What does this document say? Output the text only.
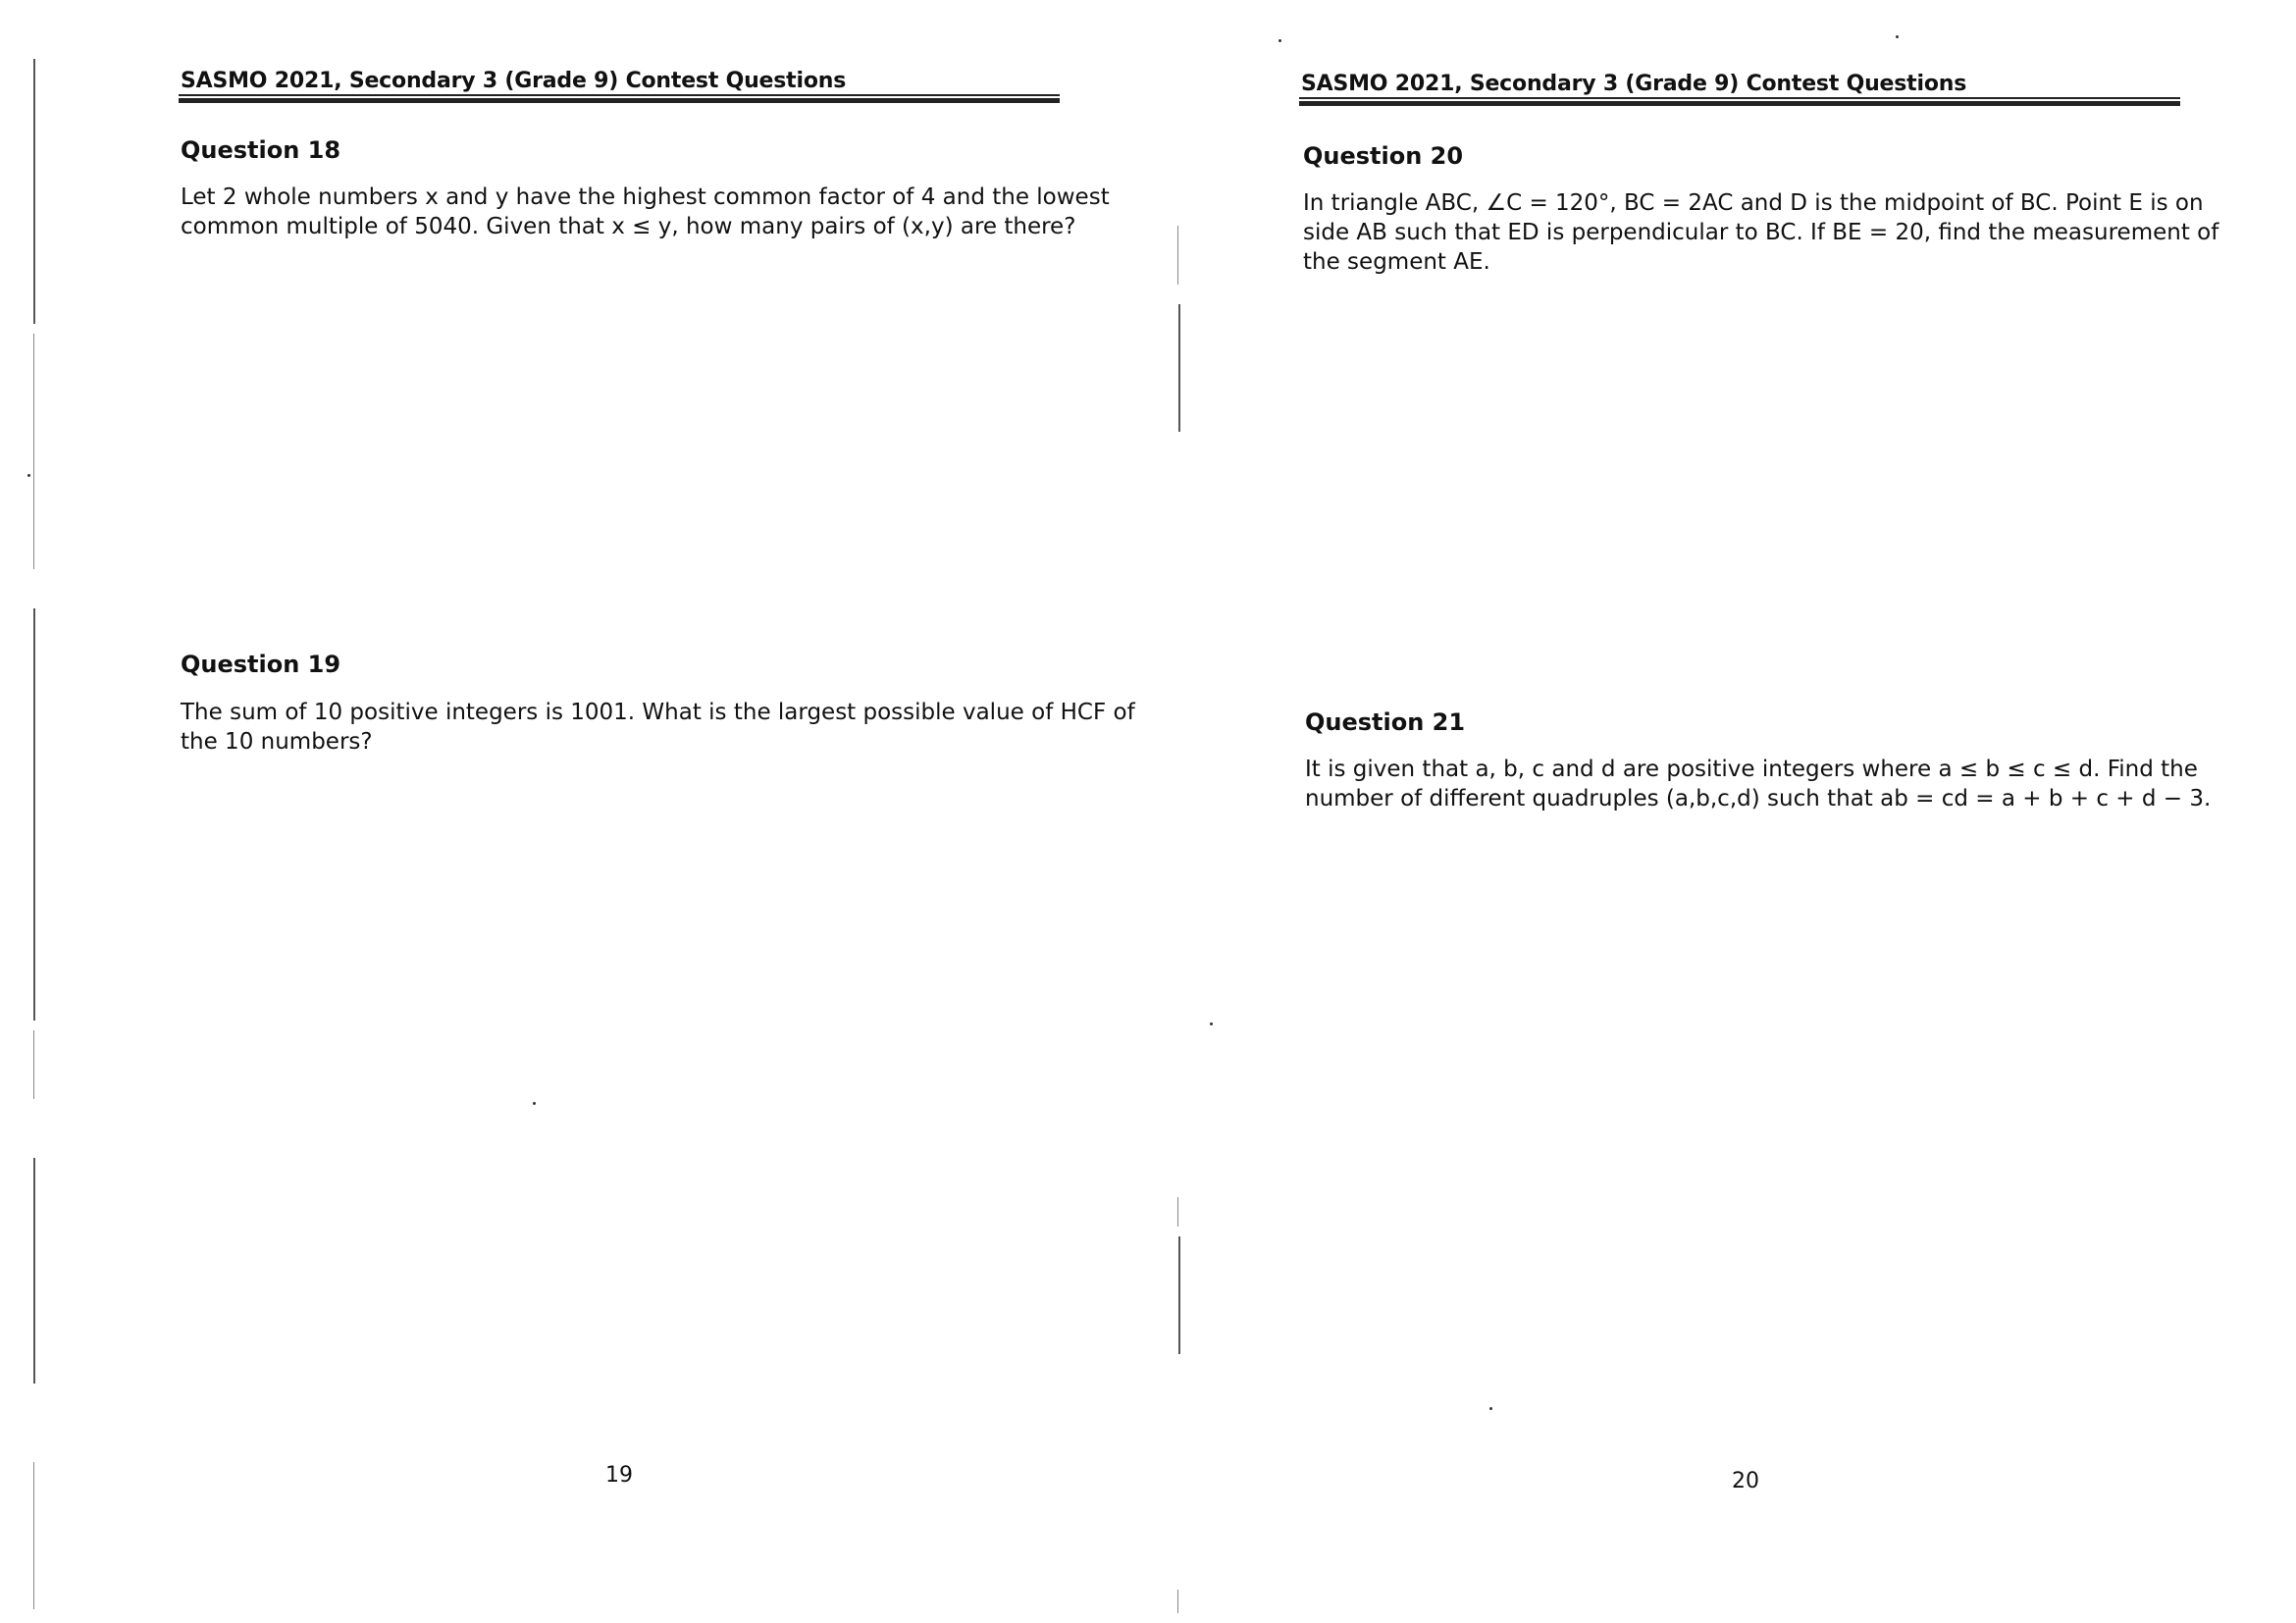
SASMO 2021, Secondary 3 (Grade 9) Contest Questions
Question 18
Let 2 whole numbers x and y have the highest common factor of 4 and the lowest
common multiple of 5040. Given that x ≤ y, how many pairs of (x,y) are there?
Question 19
The sum of 10 positive integers is 1001. What is the largest possible value of HCF of
the 10 numbers?
19
SASMO 2021, Secondary 3 (Grade 9) Contest Questions
Question 20
In triangle ABC, ∠C = 120°, BC = 2AC and D is the midpoint of BC. Point E is on
side AB such that ED is perpendicular to BC. If BE = 20, find the measurement of
the segment AE.
Question 21
It is given that a, b, c and d are positive integers where a ≤ b ≤ c ≤ d. Find the
number of different quadruples (a,b,c,d) such that ab = cd = a + b + c + d − 3.
20
